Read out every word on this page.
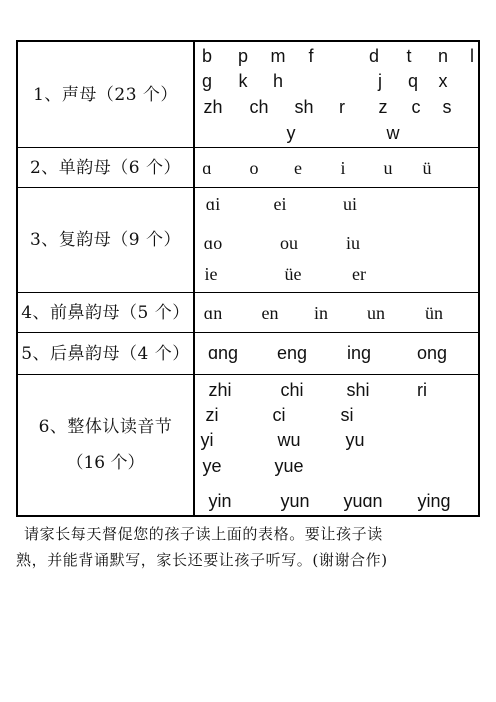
1、声母（23 个）
b p m f	d t n l
g k h	j q x
zh ch sh r z c s
y	w
2、单韵母（6 个） ɑ o e i u ü
3、复韵母（9 个）
ɑi	ei	ui
ɑo	ou	iu
ie	üe	er
4、前鼻韵母（5 个） ɑn en in un ün
5、后鼻韵母（4 个） ɑng eng ing	ong
6、整体认读音节
（16 个）
zhi	chi shi	ri
zi	ci	si
yi	wu yu
ye	yue
yin	yun yuɑn ying
请家长每天督促您的孩子读上面的表格。要让孩子读
熟，并能背诵默写，家长还要让孩子听写。(谢谢合作)
